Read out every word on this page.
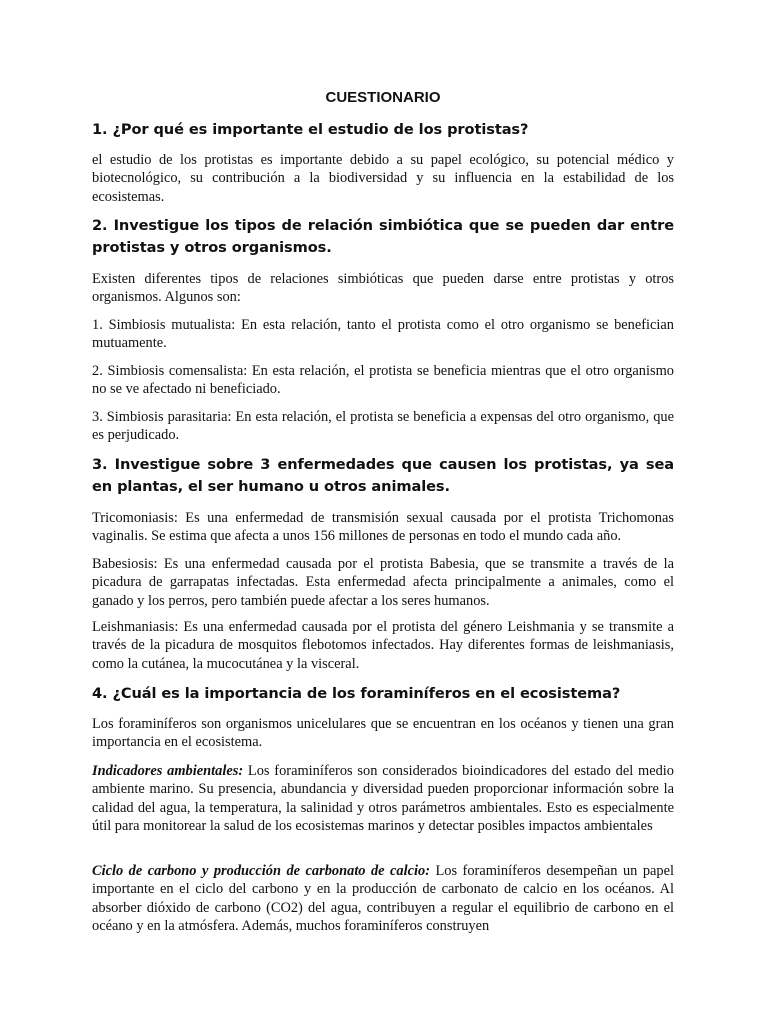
CUESTIONARIO
1. ¿Por qué es importante el estudio de los protistas?

el estudio de los protistas es importante debido a su papel ecológico, su potencial médico y biotecnológico, su contribución a la biodiversidad y su influencia en la estabilidad de los ecosistemas.

2. Investigue los tipos de relación simbiótica que se pueden dar entre protistas y otros organismos.

Existen diferentes tipos de relaciones simbióticas que pueden darse entre protistas y otros organismos. Algunos son:

1. Simbiosis mutualista: En esta relación, tanto el protista como el otro organismo se benefician mutuamente.

2. Simbiosis comensalista: En esta relación, el protista se beneficia mientras que el otro organismo no se ve afectado ni beneficiado.

3. Simbiosis parasitaria: En esta relación, el protista se beneficia a expensas del otro organismo, que es perjudicado.

3. Investigue sobre 3 enfermedades que causen los protistas, ya sea en plantas, el ser humano u otros animales.

Tricomoniasis: Es una enfermedad de transmisión sexual causada por el protista Trichomonas vaginalis. Se estima que afecta a unos 156 millones de personas en todo el mundo cada año.

Babesiosis: Es una enfermedad causada por el protista Babesia, que se transmite a través de la picadura de garrapatas infectadas. Esta enfermedad afecta principalmente a animales, como el ganado y los perros, pero también puede afectar a los seres humanos.

Leishmaniasis: Es una enfermedad causada por el protista del género Leishmania y se transmite a través de la picadura de mosquitos flebotomos infectados. Hay diferentes formas de leishmaniasis, como la cutánea, la mucocutánea y la visceral.

4. ¿Cuál es la importancia de los foraminíferos en el ecosistema?

Los foraminíferos son organismos unicelulares que se encuentran en los océanos y tienen una gran importancia en el ecosistema.

Indicadores ambientales: Los foraminíferos son considerados bioindicadores del estado del medio ambiente marino. Su presencia, abundancia y diversidad pueden proporcionar información sobre la calidad del agua, la temperatura, la salinidad y otros parámetros ambientales. Esto es especialmente útil para monitorear la salud de los ecosistemas marinos y detectar posibles impactos ambientales

Ciclo de carbono y producción de carbonato de calcio: Los foraminíferos desempeñan un papel importante en el ciclo del carbono y en la producción de carbonato de calcio en los océanos. Al absorber dióxido de carbono (CO2) del agua, contribuyen a regular el equilibrio de carbono en el océano y en la atmósfera. Además, muchos foraminíferos construyen
